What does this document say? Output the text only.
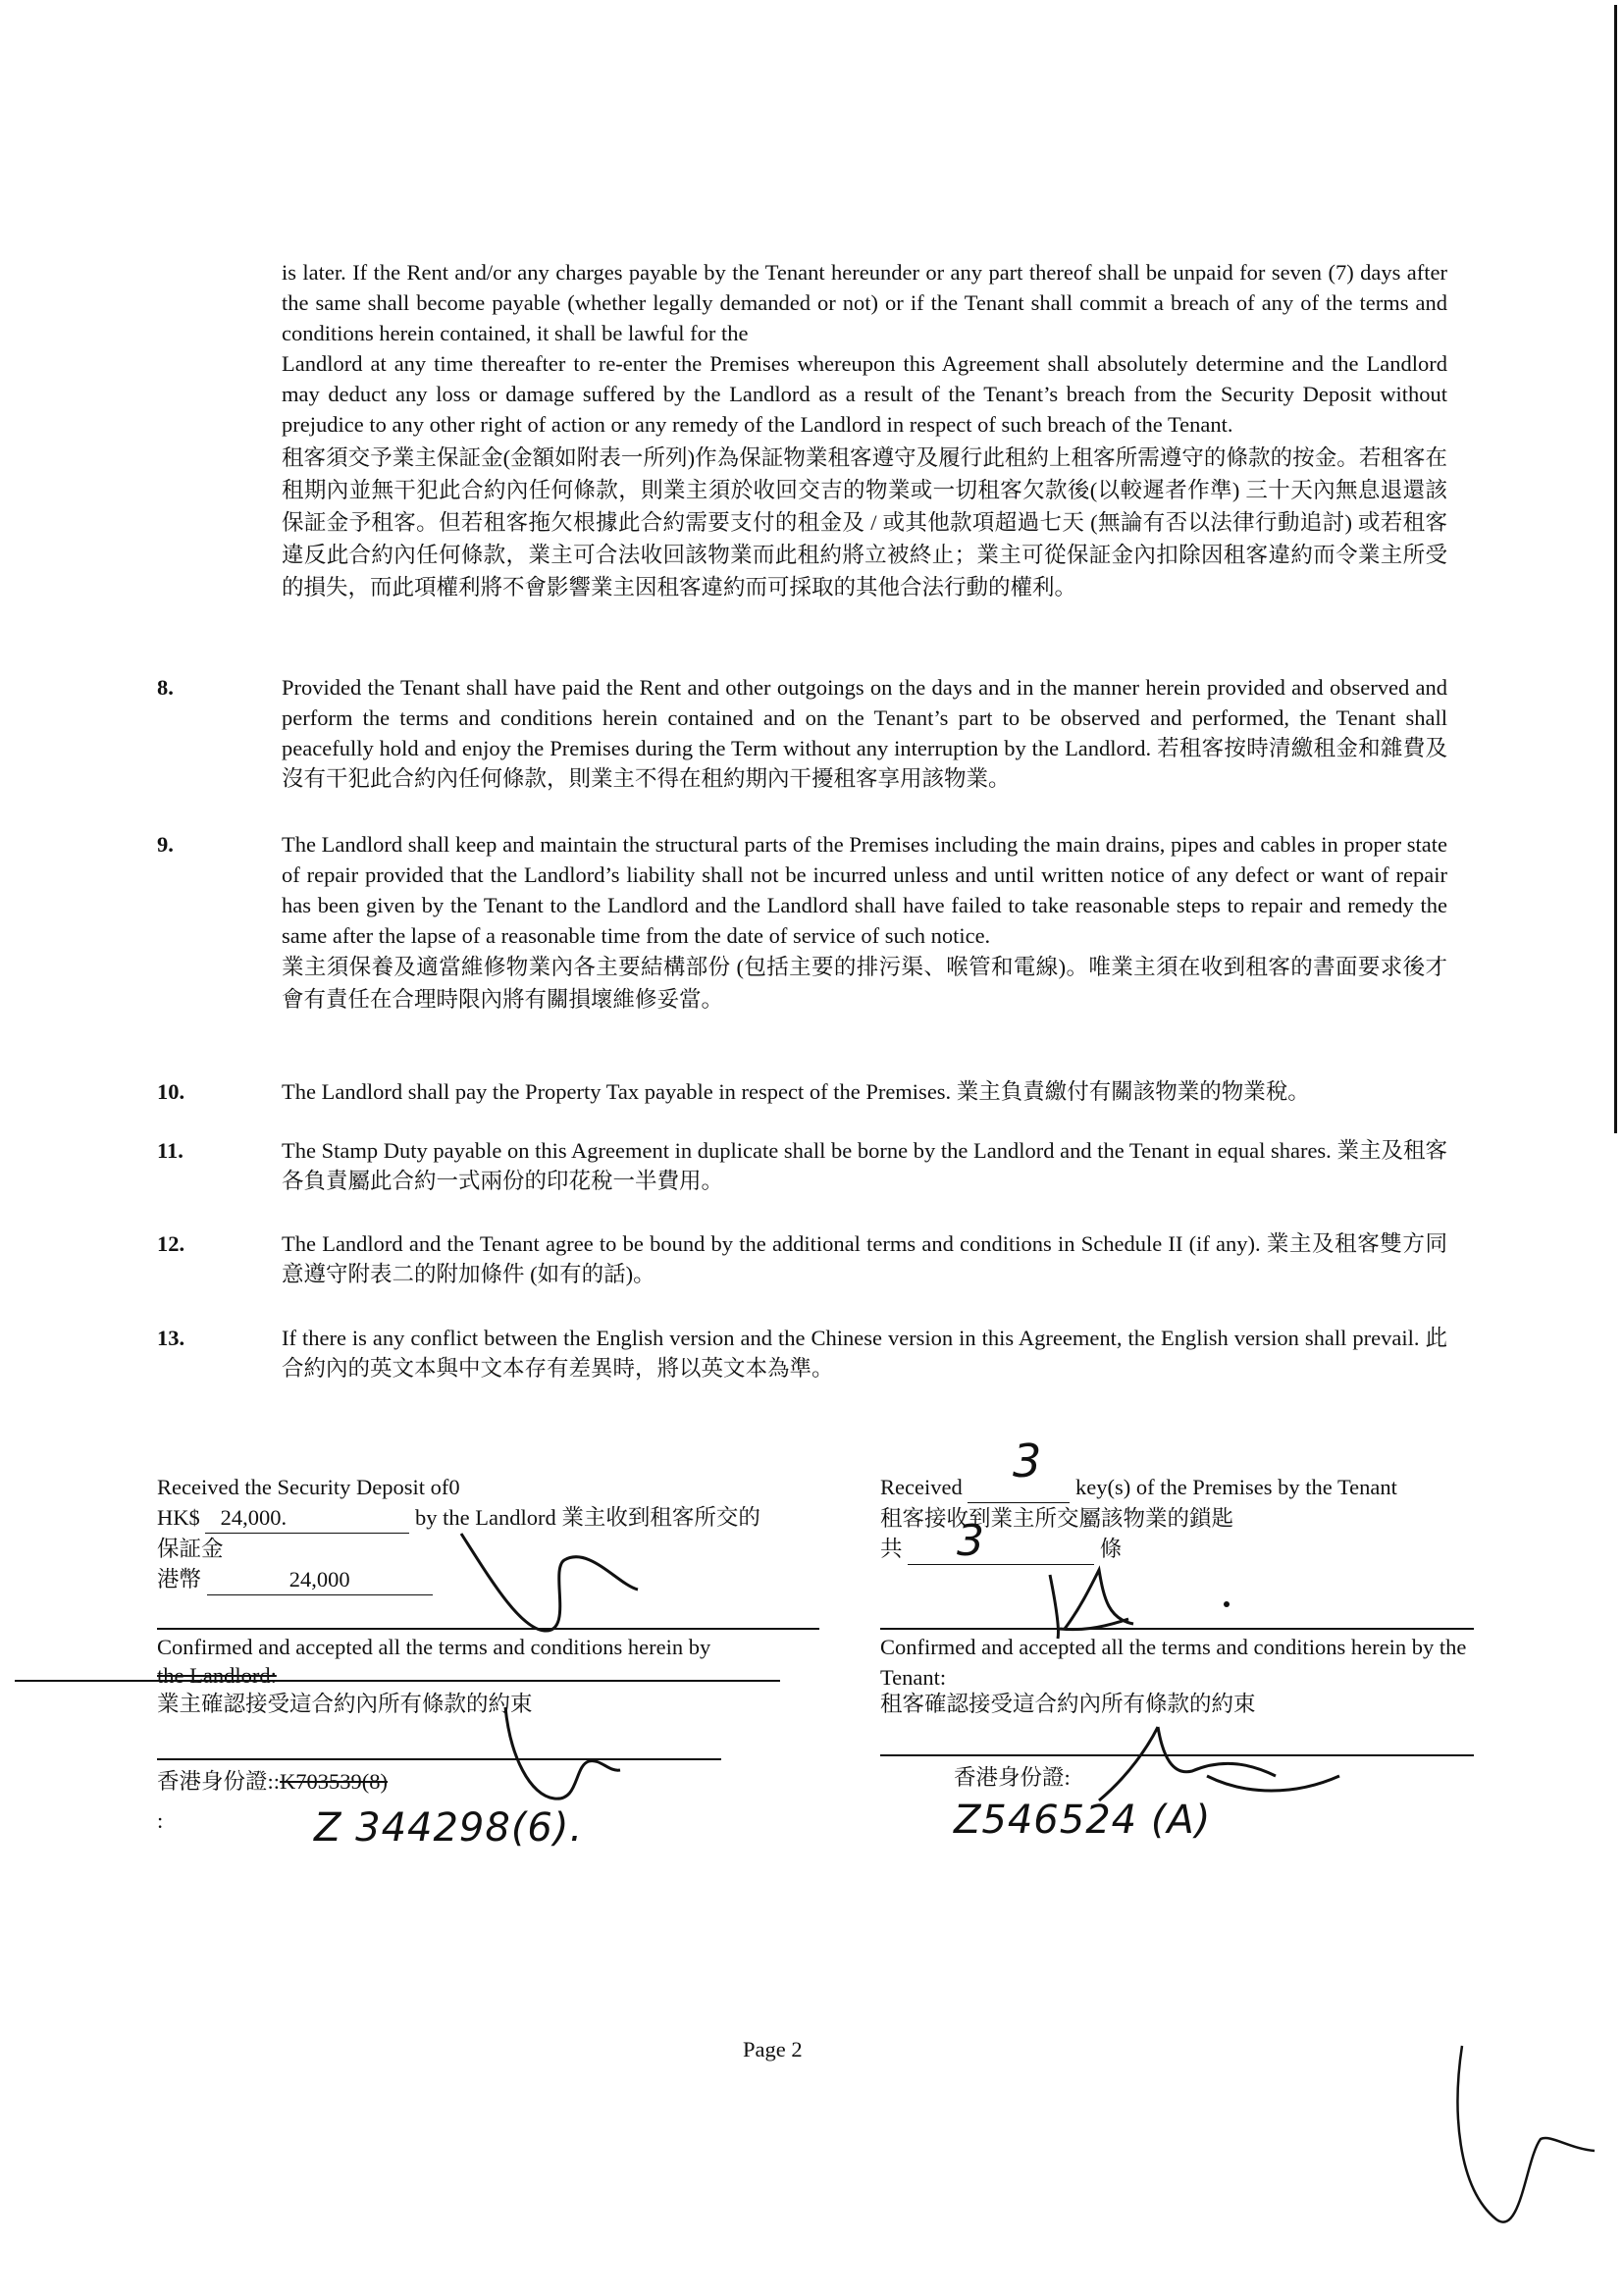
is later. If the Rent and/or any charges payable by the Tenant hereunder or any part thereof shall be unpaid for seven (7) days after the same shall become payable (whether legally demanded or not) or if the Tenant shall commit a breach of any of the terms and conditions herein contained, it shall be lawful for the
Landlord at any time thereafter to re-enter the Premises whereupon this Agreement shall absolutely determine and the Landlord may deduct any loss or damage suffered by the Landlord as a result of the Tenant’s breach from the Security Deposit without prejudice to any other right of action or any remedy of the Landlord in respect of such breach of the Tenant.
租客須交予業主保証金(金額如附表一所列)作為保証物業租客遵守及履行此租約上租客所需遵守的條款的按金。若租客在租期內並無干犯此合約內任何條款，則業主須於收回交吉的物業或一切租客欠款後(以較遲者作準) 三十天內無息退還該保証金予租客。但若租客拖欠根據此合約需要支付的租金及 / 或其他款項超過七天 (無論有否以法律行動追討) 或若租客違反此合約內任何條款，業主可合法收回該物業而此租約將立被終止；業主可從保証金內扣除因租客違約而令業主所受的損失，而此項權利將不會影響業主因租客違約而可採取的其他合法行動的權利。
8.	Provided the Tenant shall have paid the Rent and other outgoings on the days and in the manner herein provided and observed and perform the terms and conditions herein contained and on the Tenant’s part to be observed and performed, the Tenant shall peacefully hold and enjoy the Premises during the Term without any interruption by the Landlord. 若租客按時清繳租金和雜費及沒有干犯此合約內任何條款，則業主不得在租約期內干擾租客享用該物業。
9.	The Landlord shall keep and maintain the structural parts of the Premises including the main drains, pipes and cables in proper state of repair provided that the Landlord’s liability shall not be incurred unless and until written notice of any defect or want of repair has been given by the Tenant to the Landlord and the Landlord shall have failed to take reasonable steps to repair and remedy the same after the lapse of a reasonable time from the date of service of such notice.
業主須保養及適當維修物業內各主要結構部份 (包括主要的排污渠、喉管和電線)。唯業主須在收到租客的書面要求後才會有責任在合理時限內將有關損壞維修妥當。
10.	The Landlord shall pay the Property Tax payable in respect of the Premises. 業主負責繳付有關該物業的物業稅。
11.	The Stamp Duty payable on this Agreement in duplicate shall be borne by the Landlord and the Tenant in equal shares. 業主及租客各負責屬此合約一式兩份的印花稅一半費用。
12.	The Landlord and the Tenant agree to be bound by the additional terms and conditions in Schedule II (if any). 業主及租客雙方同意遵守附表二的附加條件 (如有的話)。
13.	If there is any conflict between the English version and the Chinese version in this Agreement, the English version shall prevail. 此合約內的英文本與中文本存有差異時，將以英文本為準。
Received the Security Deposit of0
HK$ 24,000.	by the Landlord 業主收到租客所交的
保証金
港幣	24,000
Confirmed and accepted all the terms and conditions herein by
the Landlord:
業主確認接受這合約內所有條款的約束
香港身份證::K703539(8)
:	Z 344298(6).
Received	key(s) of the Premises by the Tenant
租客接收到業主所交屬該物業的鎖匙
共	條
3
3
Confirmed and accepted all the terms and conditions herein by the Tenant:
租客確認接受這合約內所有條款的約束
香港身份證:
Z546524 (A)
Page 2
